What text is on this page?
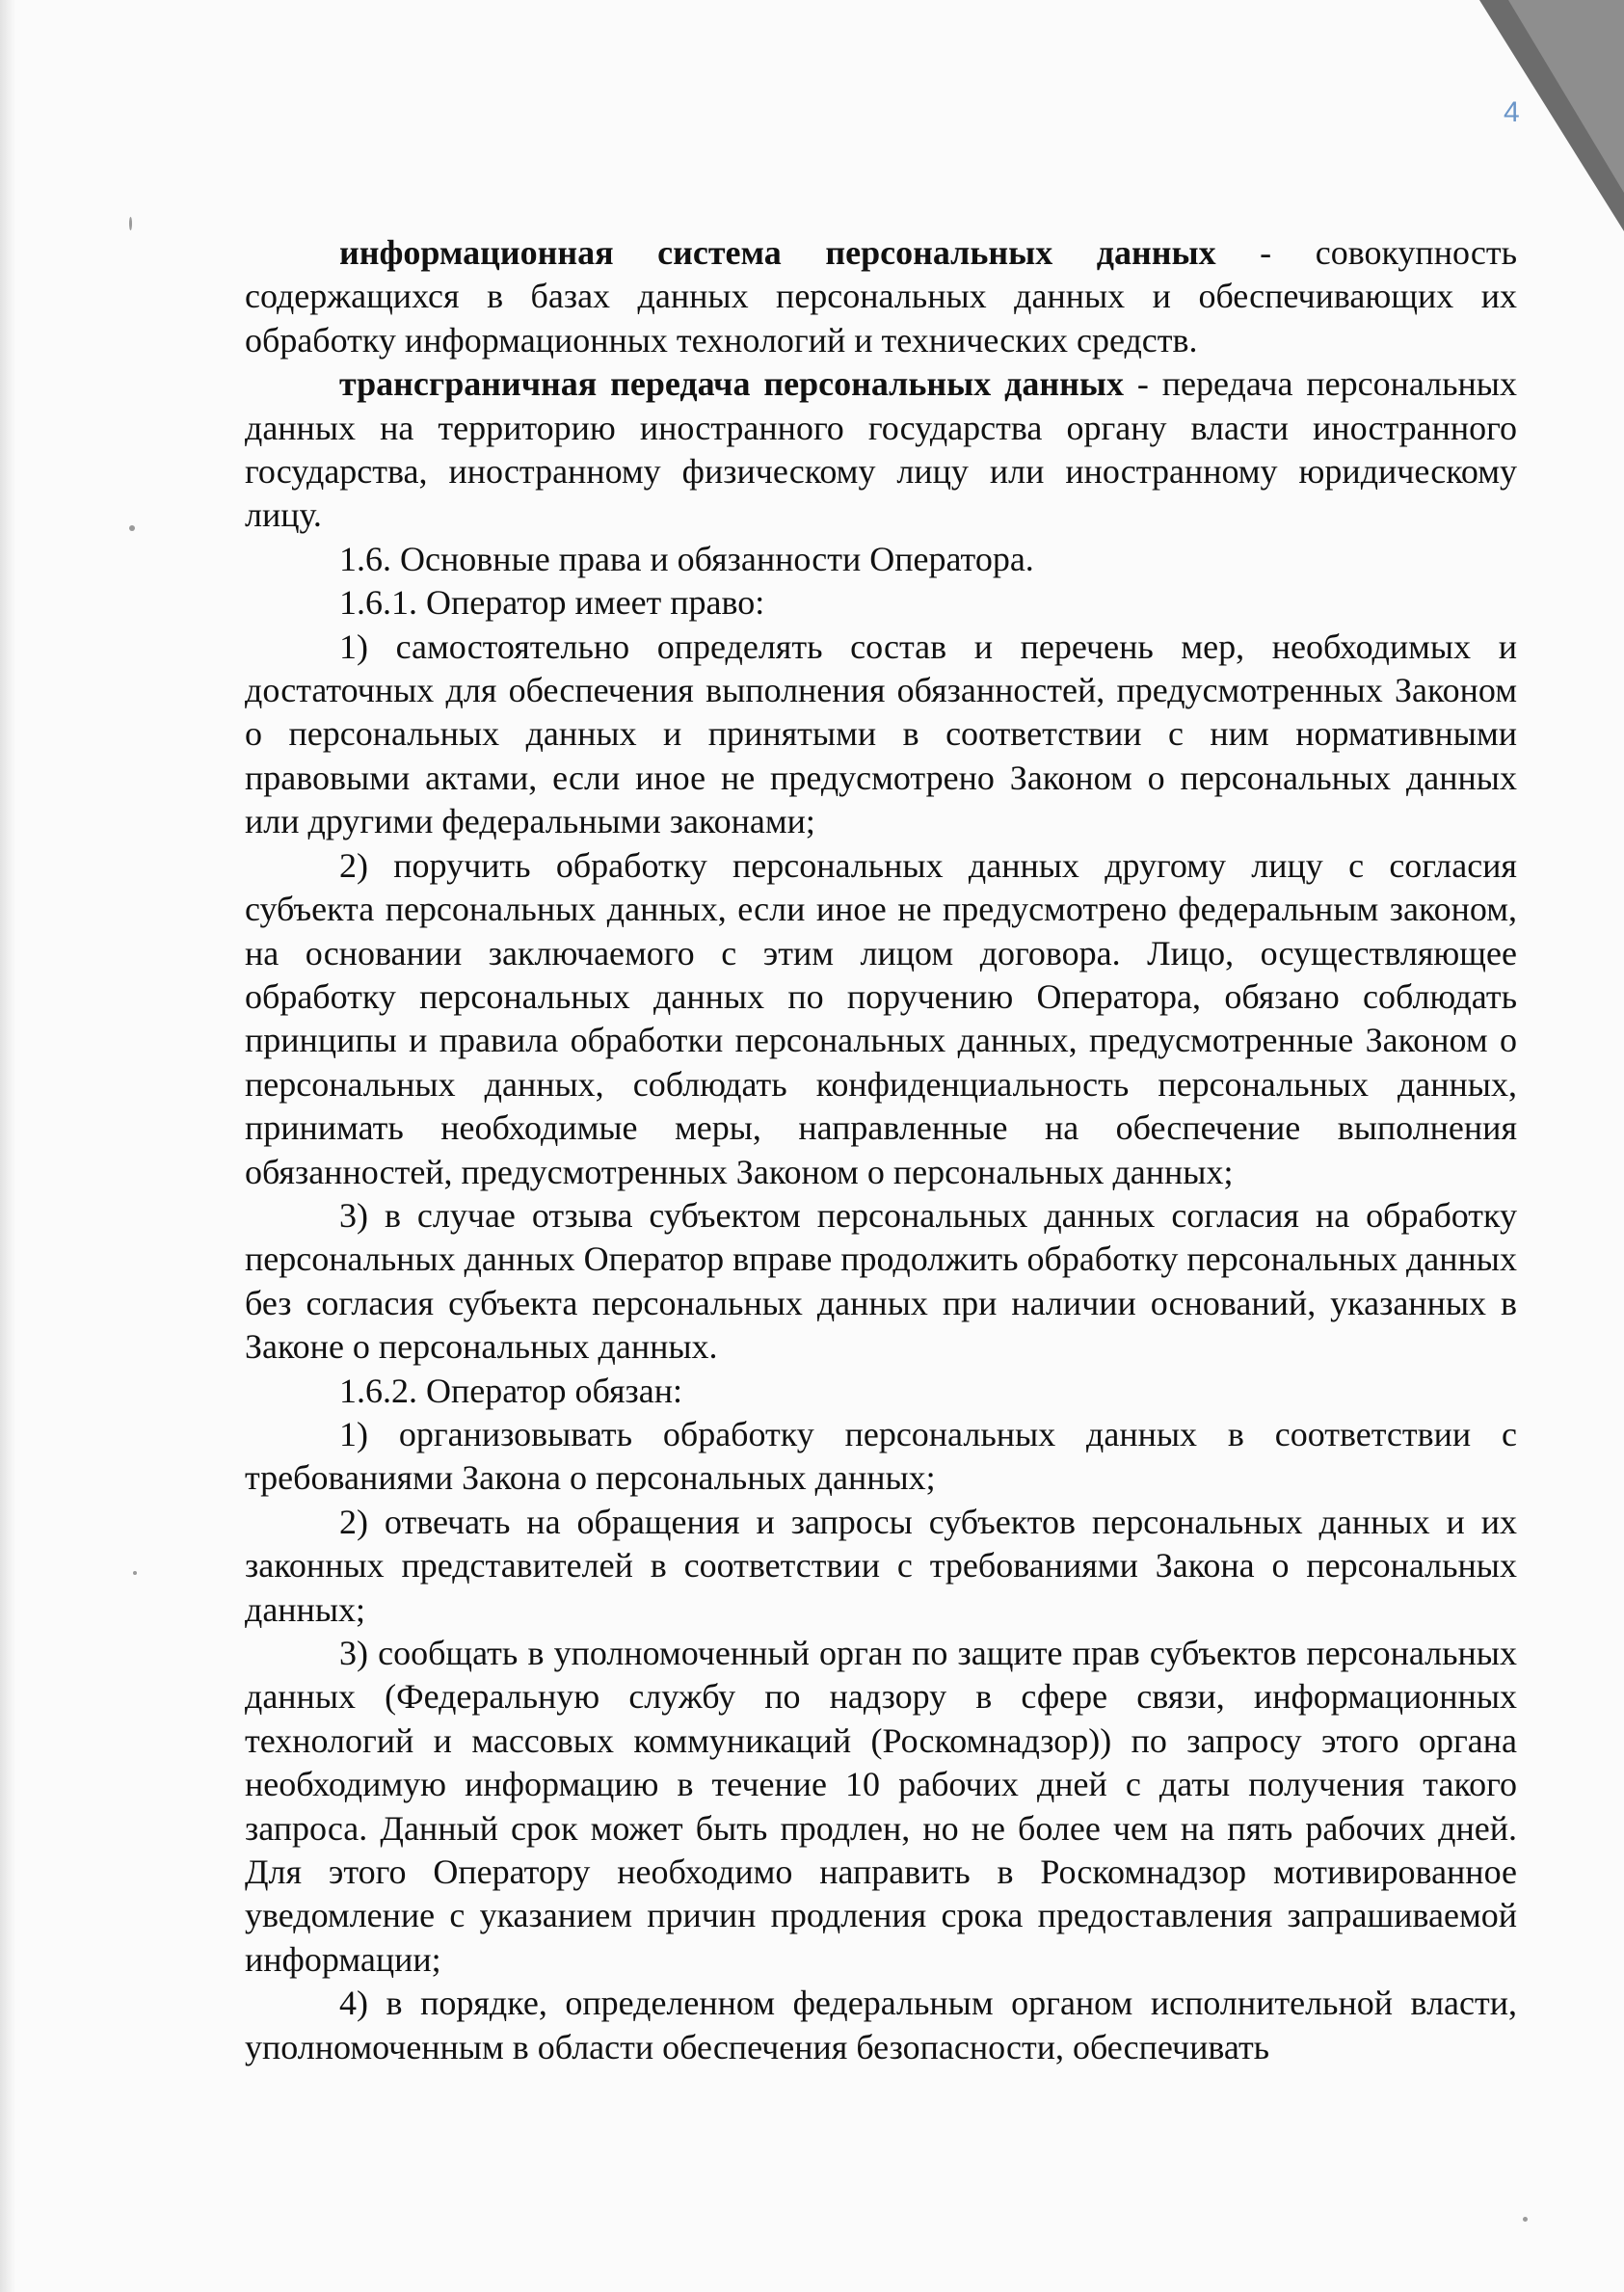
4

информационная система персональных данных - совокупность содержащихся в базах данных персональных данных и обеспечивающих их обработку информационных технологий и технических средств.

трансграничная передача персональных данных - передача персональных данных на территорию иностранного государства органу власти иностранного государства, иностранному физическому лицу или иностранному юридическому лицу.

1.6. Основные права и обязанности Оператора.

1.6.1. Оператор имеет право:

1) самостоятельно определять состав и перечень мер, необходимых и достаточных для обеспечения выполнения обязанностей, предусмотренных Законом о персональных данных и принятыми в соответствии с ним нормативными правовыми актами, если иное не предусмотрено Законом о персональных данных или другими федеральными законами;

2) поручить обработку персональных данных другому лицу с согласия субъекта персональных данных, если иное не предусмотрено федеральным законом, на основании заключаемого с этим лицом договора. Лицо, осуществляющее обработку персональных данных по поручению Оператора, обязано соблюдать принципы и правила обработки персональных данных, предусмотренные Законом о персональных данных, соблюдать конфиденциальность персональных данных, принимать необходимые меры, направленные на обеспечение выполнения обязанностей, предусмотренных Законом о персональных данных;

3) в случае отзыва субъектом персональных данных согласия на обработку персональных данных Оператор вправе продолжить обработку персональных данных без согласия субъекта персональных данных при наличии оснований, указанных в Законе о персональных данных.

1.6.2. Оператор обязан:

1) организовывать обработку персональных данных в соответствии с требованиями Закона о персональных данных;

2) отвечать на обращения и запросы субъектов персональных данных и их законных представителей в соответствии с требованиями Закона о персональных данных;

3) сообщать в уполномоченный орган по защите прав субъектов персональных данных (Федеральную службу по надзору в сфере связи, информационных технологий и массовых коммуникаций (Роскомнадзор)) по запросу этого органа необходимую информацию в течение 10 рабочих дней с даты получения такого запроса. Данный срок может быть продлен, но не более чем на пять рабочих дней. Для этого Оператору необходимо направить в Роскомнадзор мотивированное уведомление с указанием причин продления срока предоставления запрашиваемой информации;

4) в порядке, определенном федеральным органом исполнительной власти, уполномоченным в области обеспечения безопасности, обеспечивать
